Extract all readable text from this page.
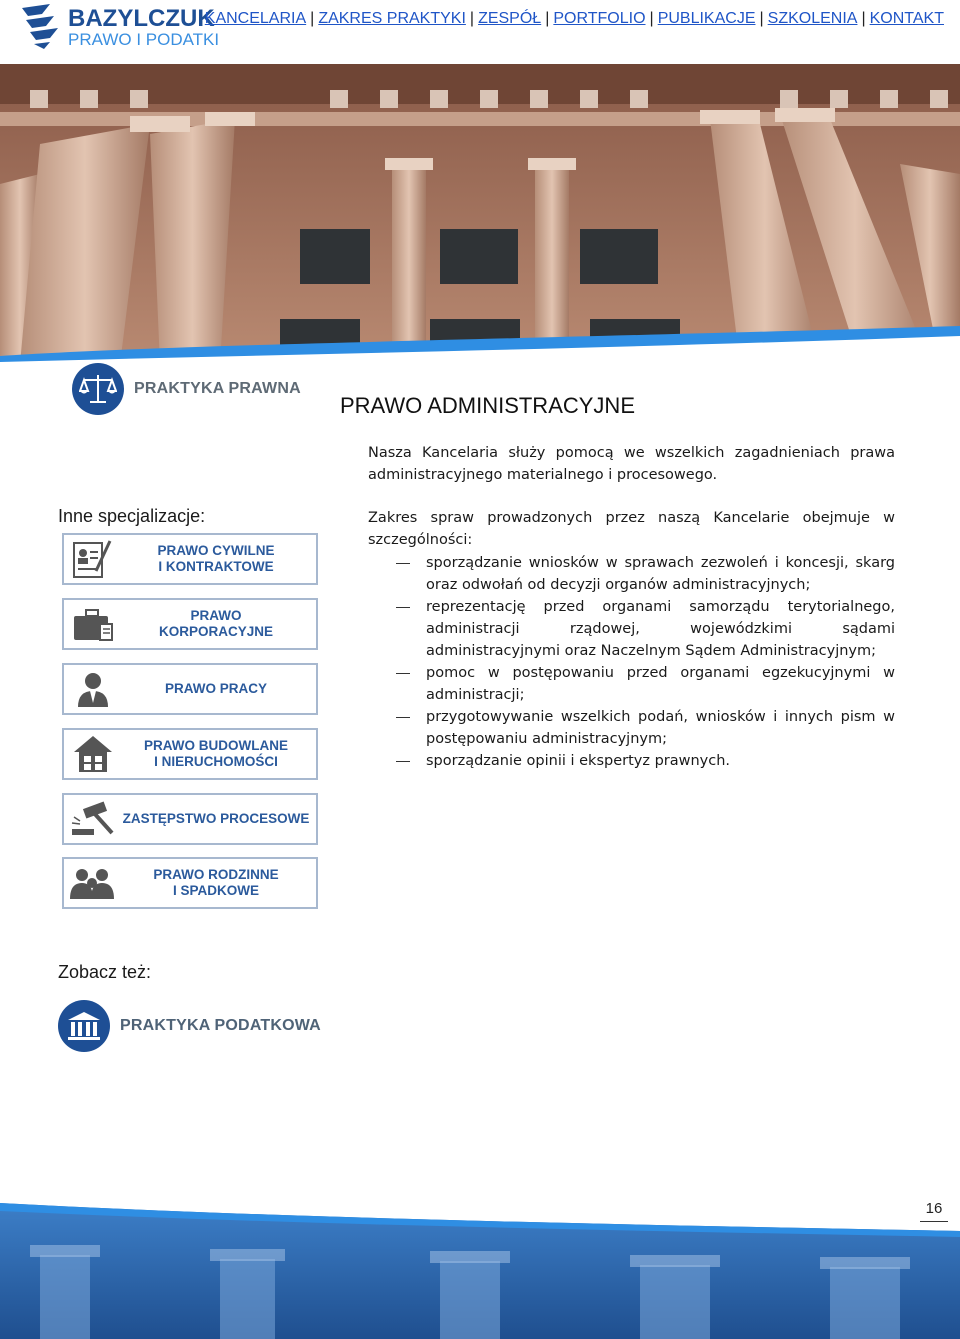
BAZYLCZUK
PRAWO I PODATKI
KANCELARIA | ZAKRES PRAKTYKI | ZESPÓŁ | PORTFOLIO | PUBLIKACJE | SZKOLENIA | KONTAKT
PRAKTYKA PRAWNA
PRAWO ADMINISTRACYJNE
Nasza Kancelaria służy pomocą we wszelkich zagadnieniach prawa administracyjnego materialnego i procesowego.
Zakres spraw prowadzonych przez naszą Kancelarie obejmuje w szczególności:
sporządzanie wniosków w sprawach zezwoleń i koncesji, skarg oraz odwołań od decyzji organów administracyjnych;
reprezentację przed organami samorządu terytorialnego, administracji rządowej, wojewódzkimi sądami administracyjnymi oraz Naczelnym Sądem Administracyjnym;
pomoc w postępowaniu przed organami egzekucyjnymi w administracji;
przygotowywanie wszelkich podań, wniosków i innych pism w postępowaniu administracyjnym;
sporządzanie opinii i ekspertyz prawnych.
Inne specjalizacje:
PRAWO CYWILNE
I KONTRAKTOWE
PRAWO
KORPORACYJNE
PRAWO PRACY
PRAWO BUDOWLANE
I NIERUCHOMOŚCI
ZASTĘPSTWO PROCESOWE
PRAWO RODZINNE
I SPADKOWE
Zobacz też:
PRAKTYKA PODATKOWA
16
